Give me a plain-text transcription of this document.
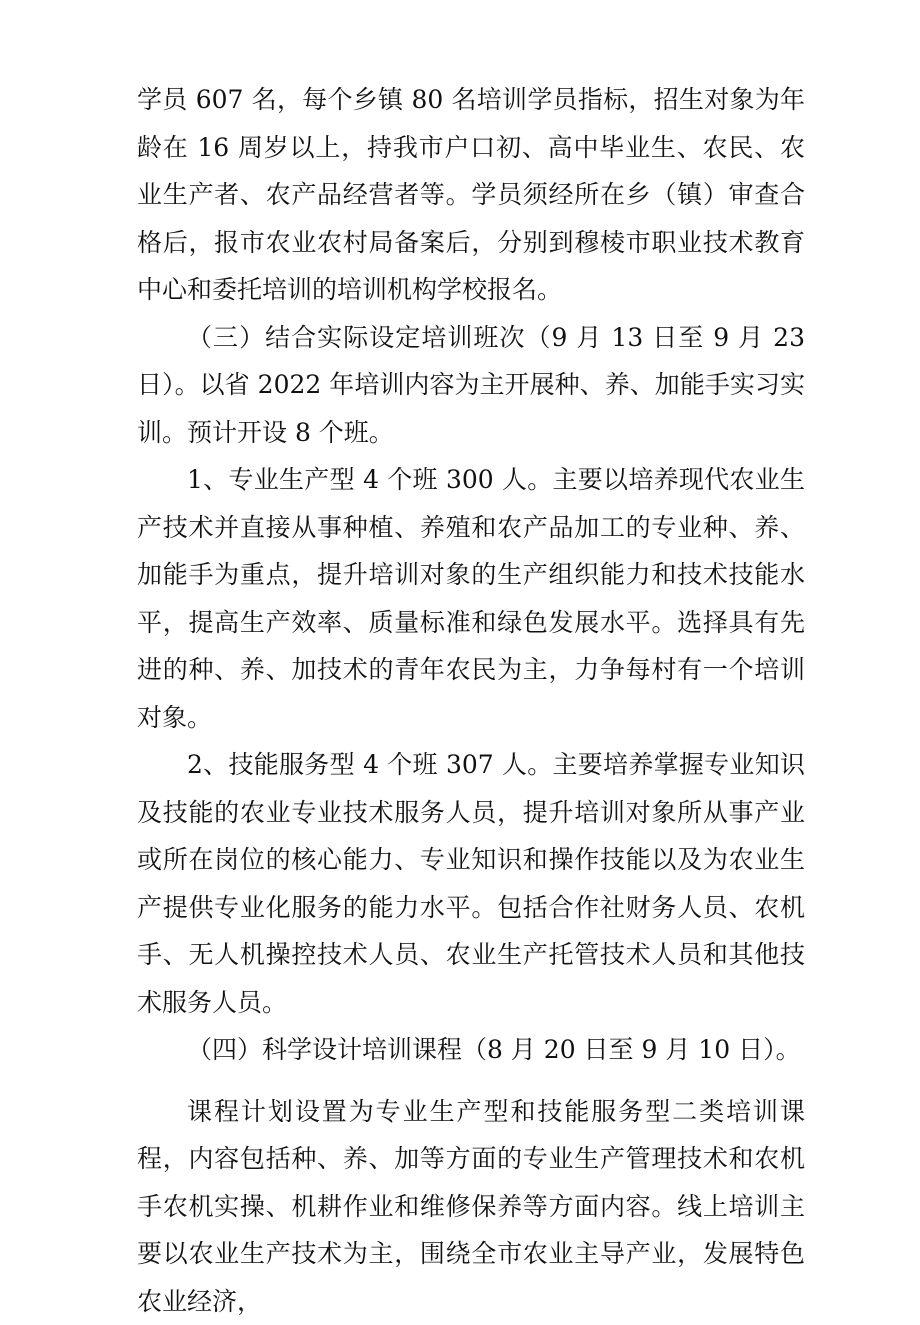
学员 607 名，每个乡镇 80 名培训学员指标，招生对象为年龄在 16 周岁以上，持我市户口初、高中毕业生、农民、农业生产者、农产品经营者等。学员须经所在乡（镇）审查合格后，报市农业农村局备案后，分别到穆棱市职业技术教育中心和委托培训的培训机构学校报名。

（三）结合实际设定培训班次（9 月 13 日至 9 月 23 日）。以省 2022 年培训内容为主开展种、养、加能手实习实训。预计开设 8 个班。

1、专业生产型 4 个班 300 人。主要以培养现代农业生产技术并直接从事种植、养殖和农产品加工的专业种、养、加能手为重点，提升培训对象的生产组织能力和技术技能水平，提高生产效率、质量标准和绿色发展水平。选择具有先进的种、养、加技术的青年农民为主，力争每村有一个培训对象。

2、技能服务型 4 个班 307 人。主要培养掌握专业知识及技能的农业专业技术服务人员，提升培训对象所从事产业或所在岗位的核心能力、专业知识和操作技能以及为农业生产提供专业化服务的能力水平。包括合作社财务人员、农机手、无人机操控技术人员、农业生产托管技术人员和其他技术服务人员。

（四）科学设计培训课程（8 月 20 日至 9 月 10 日）。

课程计划设置为专业生产型和技能服务型二类培训课程，内容包括种、养、加等方面的专业生产管理技术和农机手农机实操、机耕作业和维修保养等方面内容。线上培训主要以农业生产技术为主，围绕全市农业主导产业，发展特色农业经济，
